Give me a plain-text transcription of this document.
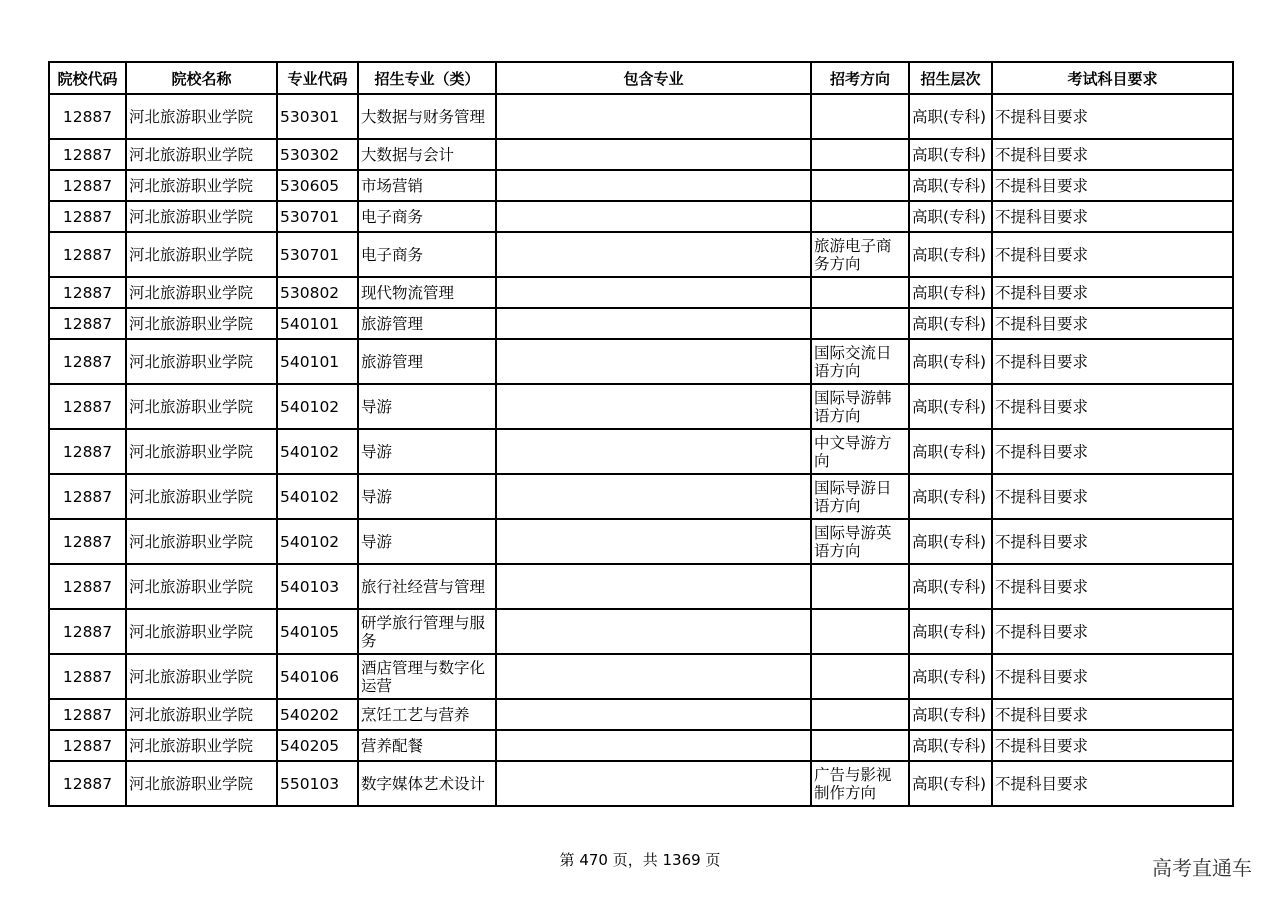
院校代码	院校名称	专业代码	招生专业（类）	包含专业	招考方向	招生层次	考试科目要求
12887	河北旅游职业学院	530301	大数据与财务管理			高职(专科)	不提科目要求
12887	河北旅游职业学院	530302	大数据与会计			高职(专科)	不提科目要求
12887	河北旅游职业学院	530605	市场营销			高职(专科)	不提科目要求
12887	河北旅游职业学院	530701	电子商务			高职(专科)	不提科目要求
12887	河北旅游职业学院	530701	电子商务		旅游电子商务方向	高职(专科)	不提科目要求
12887	河北旅游职业学院	530802	现代物流管理			高职(专科)	不提科目要求
12887	河北旅游职业学院	540101	旅游管理			高职(专科)	不提科目要求
12887	河北旅游职业学院	540101	旅游管理		国际交流日语方向	高职(专科)	不提科目要求
12887	河北旅游职业学院	540102	导游		国际导游韩语方向	高职(专科)	不提科目要求
12887	河北旅游职业学院	540102	导游		中文导游方向	高职(专科)	不提科目要求
12887	河北旅游职业学院	540102	导游		国际导游日语方向	高职(专科)	不提科目要求
12887	河北旅游职业学院	540102	导游		国际导游英语方向	高职(专科)	不提科目要求
12887	河北旅游职业学院	540103	旅行社经营与管理			高职(专科)	不提科目要求
12887	河北旅游职业学院	540105	研学旅行管理与服务			高职(专科)	不提科目要求
12887	河北旅游职业学院	540106	酒店管理与数字化运营			高职(专科)	不提科目要求
12887	河北旅游职业学院	540202	烹饪工艺与营养			高职(专科)	不提科目要求
12887	河北旅游职业学院	540205	营养配餐			高职(专科)	不提科目要求
12887	河北旅游职业学院	550103	数字媒体艺术设计		广告与影视制作方向	高职(专科)	不提科目要求
第 470 页，共 1369 页	高考直通车
